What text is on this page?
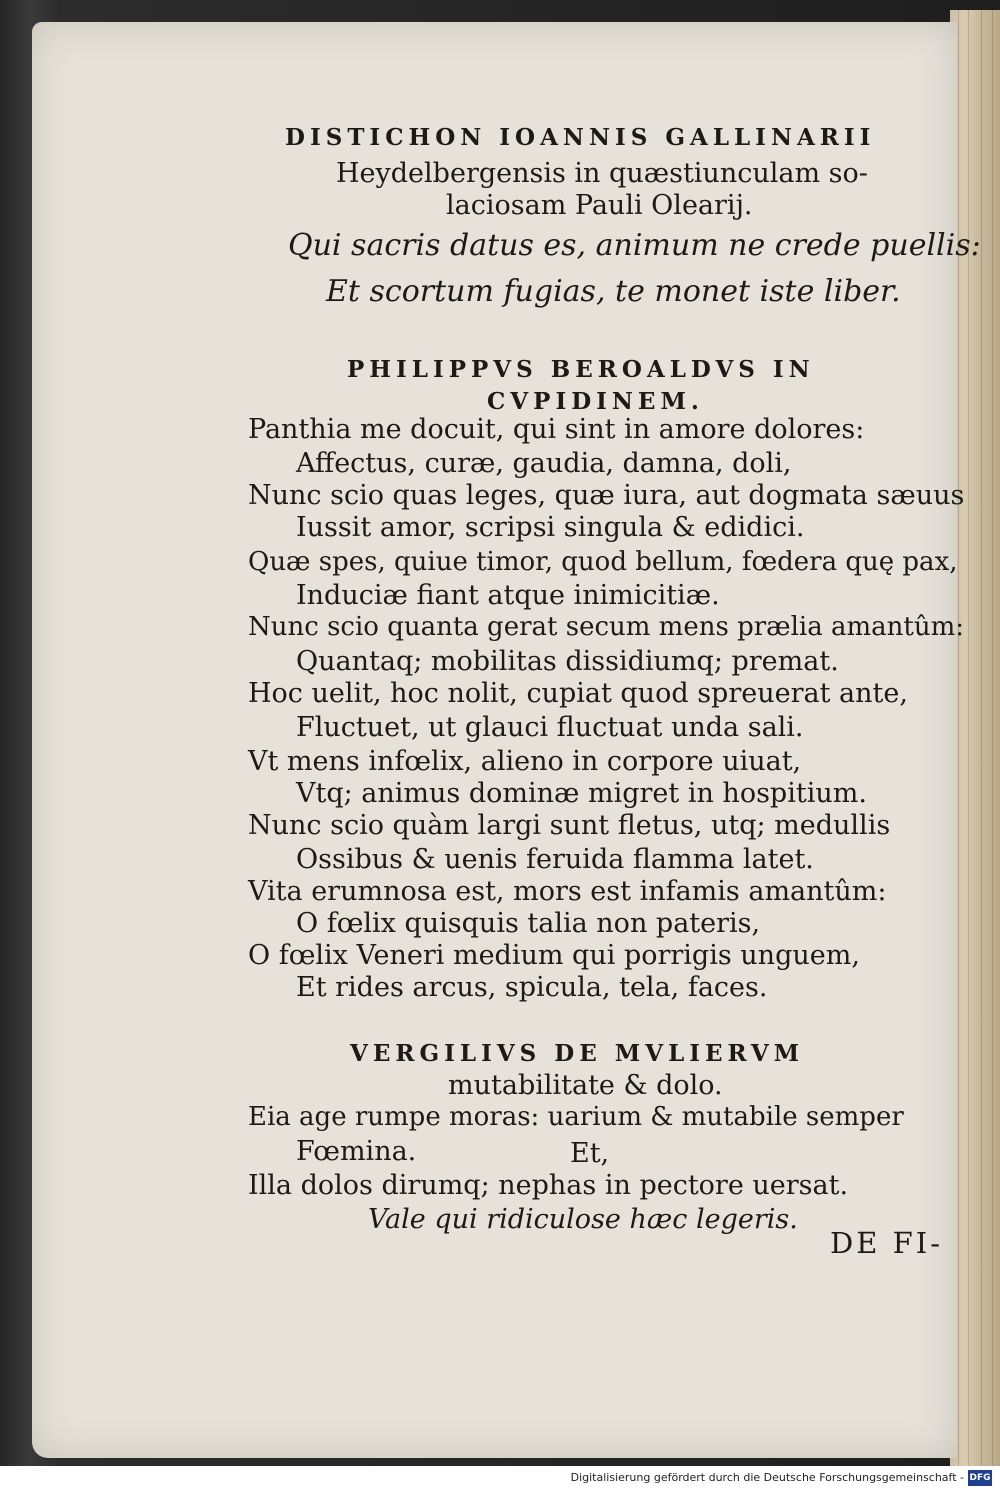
DISTICHON IOANNIS GALLINARII
Heydelbergensis in quæstiunculam so-
laciosam Pauli Olearij.
Qui sacris datus es, animum ne crede puellis:
Et scortum fugias, te monet iste liber.
PHILIPPVS BEROALDVS IN
CVPIDINEM.
Panthia me docuit, qui sint in amore dolores:
Affectus, curæ, gaudia, damna, doli,
Nunc scio quas leges, quæ iura, aut dogmata sæuus
Iussit amor, scripsi singula & edidici.
Quæ spes, quiue timor, quod bellum, fœdera quę pax,
Induciæ fiant atque inimicitiæ.
Nunc scio quanta gerat secum mens prælia amantûm:
Quantaq; mobilitas dissidiumq; premat.
Hoc uelit, hoc nolit, cupiat quod spreuerat ante,
Fluctuet, ut glauci fluctuat unda sali.
Vt mens infœlix, alieno in corpore uiuat,
Vtq; animus dominæ migret in hospitium.
Nunc scio quàm largi sunt fletus, utq; medullis
Ossibus & uenis feruida flamma latet.
Vita erumnosa est, mors est infamis amantûm:
O fœlix quisquis talia non pateris,
O fœlix Veneri medium qui porrigis unguem,
Et rides arcus, spicula, tela, faces.
VERGILIVS DE MVLIERVM
mutabilitate & dolo.
Eia age rumpe moras: uarium & mutabile semper
Fœmina.	Et,
Illa dolos dirumq; nephas in pectore uersat.
Vale qui ridiculose hæc legeris.
DE FI-
Digitalisierung gefördert durch die Deutsche Forschungsgemeinschaft - DFG
